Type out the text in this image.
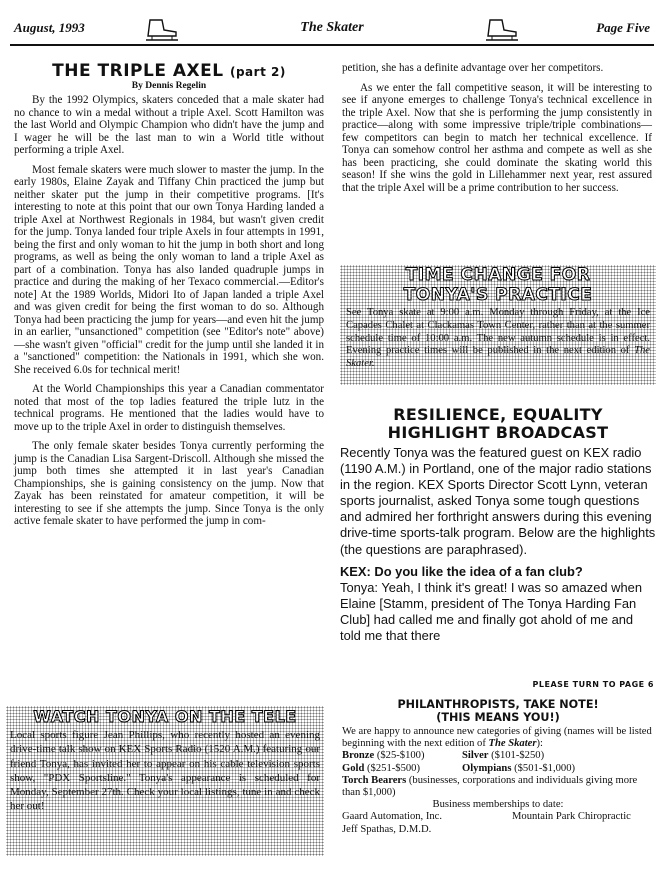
August, 1993	The Skater	Page Five
THE TRIPLE AXEL (part 2)
By Dennis Regelin

By the 1992 Olympics, skaters conceded that a male skater had no chance to win a medal without a triple Axel. Scott Hamilton was the last World and Olympic Champion who didn't have the jump and I wager he will be the last man to win a World title without performing a triple Axel.

Most female skaters were much slower to master the jump. In the early 1980s, Elaine Zayak and Tiffany Chin practiced the jump but neither skater put the jump in their competitive programs. [It's interesting to note at this point that our own Tonya Harding landed a triple Axel at Northwest Regionals in 1984, but wasn't given credit for the jump. Tonya landed four triple Axels in four attempts in 1991, being the first and only woman to hit the jump in both short and long programs, as well as being the only woman to land a triple Axel as part of a combination. Tonya has also landed quadruple jumps in practice and during the making of her Texaco commercial.—Editor's note] At the 1989 Worlds, Midori Ito of Japan landed a triple Axel and was given credit for being the first woman to do so. Although Tonya had been practicing the jump for years—and even hit the jump in an earlier, "unsanctioned" competition (see "Editor's note" above)—she wasn't given "official" credit for the jump until she landed it in a "sanctioned" competition: the Nationals in 1991, which she won. She received 6.0s for technical merit!

At the World Championships this year a Canadian commentator noted that most of the top ladies featured the triple lutz in the technical programs. He mentioned that the ladies would have to move up to the triple Axel in order to distinguish themselves.

The only female skater besides Tonya currently performing the jump is the Canadian Lisa Sargent-Driscoll. Although she missed the jump both times she attempted it in last year's Canadian Championships, she is gaining consistency on the jump. Now that Zayak has been reinstated for amateur competition, it will be interesting to see if she attempts the jump. Since Tonya is the only active female skater to have performed the jump in com-

WATCH TONYA ON THE TELE
Local sports figure Jean Phillips, who recently hosted an evening drive-time talk show on KEX Sports Radio (1520 A.M.) featuring our friend Tonya, has invited her to appear on his cable television sports show, "PDX Sportsline." Tonya's appearance is scheduled for Monday, September 27th. Check your local listings, tune in and check her out!

petition, she has a definite advantage over her competitors.

As we enter the fall competitive season, it will be interesting to see if anyone emerges to challenge Tonya's technical excellence in the triple Axel. Now that she is performing the jump consistently in practice—along with some impressive triple/triple combinations—few competitors can begin to match her technical excellence. If Tonya can somehow control her asthma and compete as well as she has been practicing, she could dominate the skating world this season! If she wins the gold in Lillehammer next year, rest assured that the triple Axel will be a prime contribution to her success.

TIME CHANGE FOR
TONYA'S PRACTICE
See Tonya skate at 9:00 a.m. Monday through Friday, at the Ice Capades Chalet at Clackamas Town Center, rather than at the summer schedule time of 10:00 a.m. The new autumn schedule is in effect. Evening practice times will be published in the next edition of The Skater.
RESILIENCE, EQUALITY
HIGHLIGHT BROADCAST

Recently Tonya was the featured guest on KEX radio (1190 A.M.) in Portland, one of the major radio stations in the region. KEX Sports Director Scott Lynn, veteran sports journalist, asked Tonya some tough questions and admired her forthright answers during this evening drive-time sports-talk program. Below are the highlights (the questions are paraphrased).

KEX: Do you like the idea of a fan club?

Tonya: Yeah, I think it's great! I was so amazed when Elaine [Stamm, president of The Tonya Harding Fan Club] had called me and finally got ahold of me and told me that there

PLEASE TURN TO PAGE 6
PHILANTHROPISTS, TAKE NOTE!
(THIS MEANS YOU!)

We are happy to announce new categories of giving (names will be listed beginning with the next edition of The Skater):

Bronze ($25-$100)	Silver ($101-$250)
Gold ($251-$500)	Olympians ($501-$1,000)

Torch Bearers (businesses, corporations and individuals giving more than $1,000)

Business memberships to date:

Gaard Automation, Inc.	Mountain Park Chiropractic

Jeff Spathas, D.M.D.
